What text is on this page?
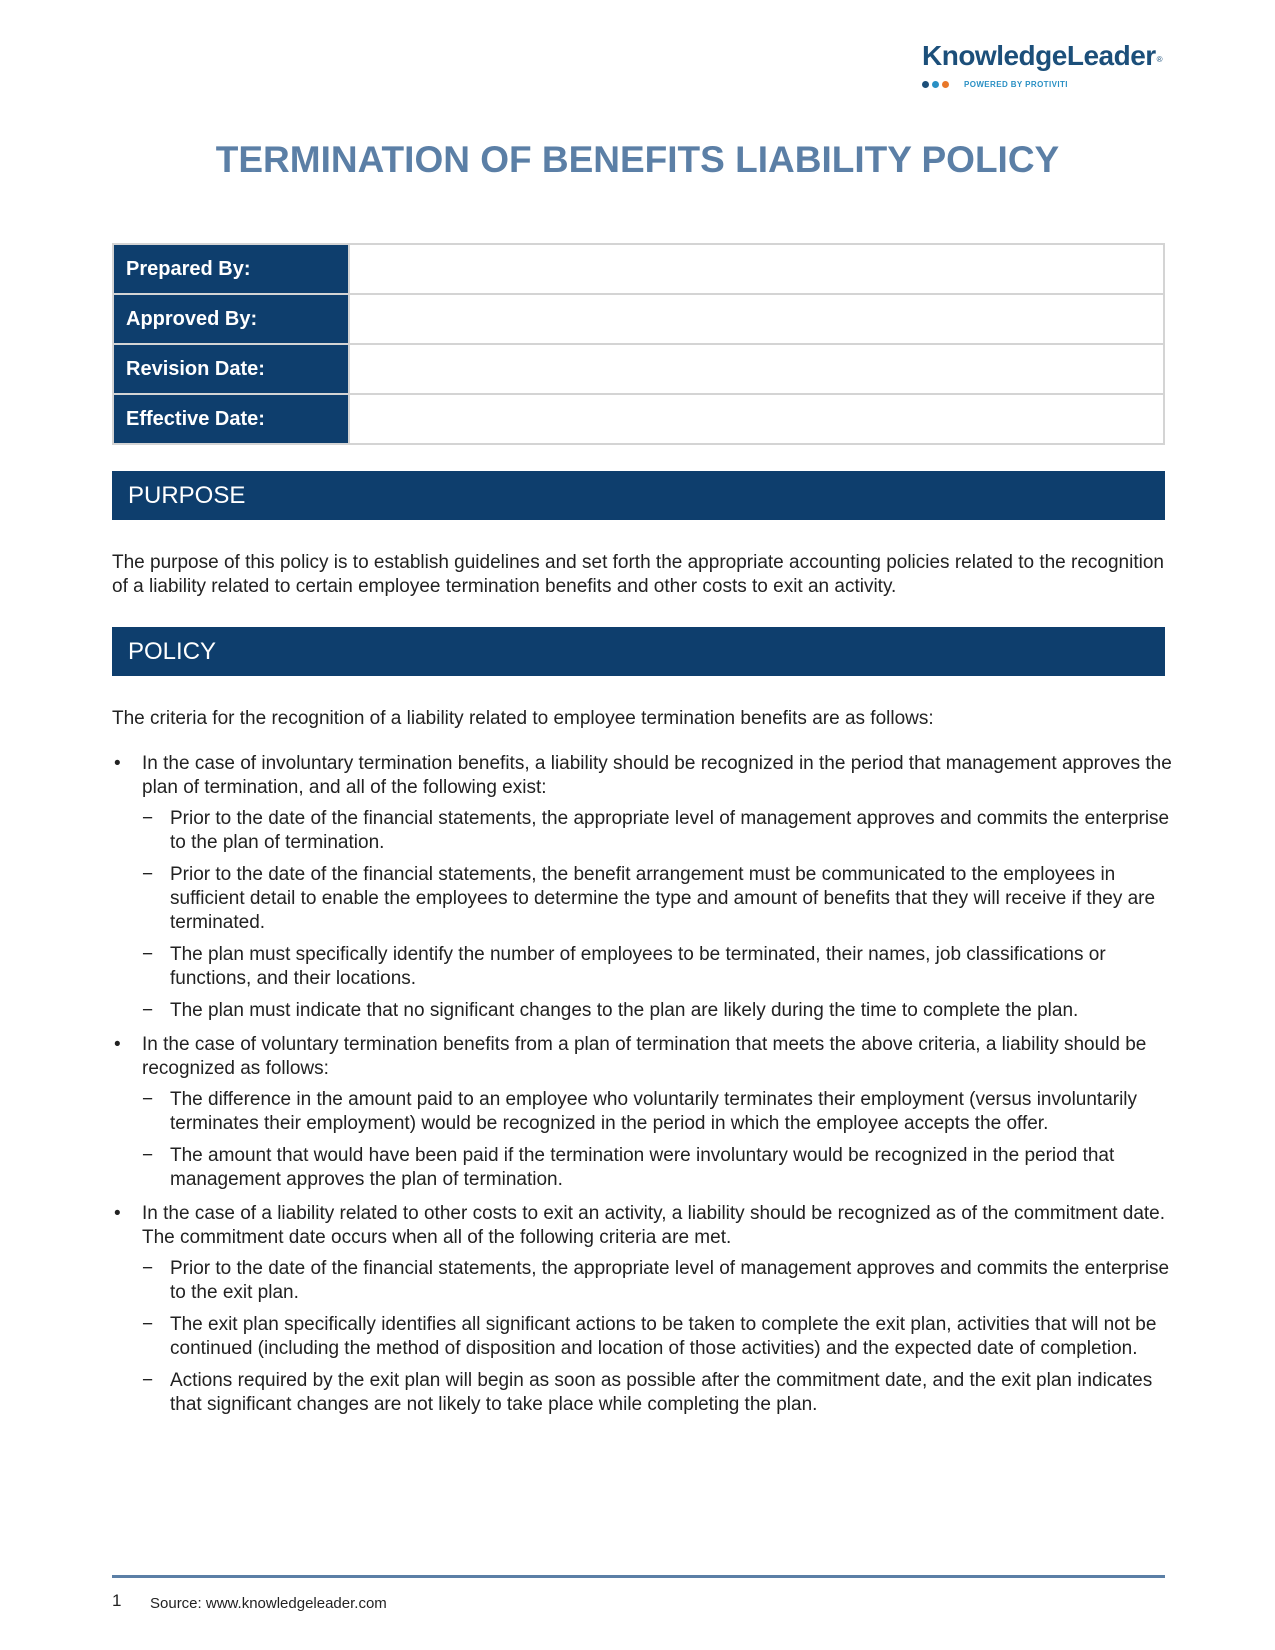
KnowledgeLeader®
POWERED BY PROTIVITI
TERMINATION OF BENEFITS LIABILITY POLICY
Prepared By:	
Approved By:	
Revision Date:	
Effective Date:	
PURPOSE

The purpose of this policy is to establish guidelines and set forth the appropriate accounting policies related to the recognition of a liability related to certain employee termination benefits and other costs to exit an activity.

POLICY

The criteria for the recognition of a liability related to employee termination benefits are as follows:

• In the case of involuntary termination benefits, a liability should be recognized in the period that management approves the plan of termination, and all of the following exist:
− Prior to the date of the financial statements, the appropriate level of management approves and commits the enterprise to the plan of termination.
− Prior to the date of the financial statements, the benefit arrangement must be communicated to the employees in sufficient detail to enable the employees to determine the type and amount of benefits that they will receive if they are terminated.
− The plan must specifically identify the number of employees to be terminated, their names, job classifications or functions, and their locations.
− The plan must indicate that no significant changes to the plan are likely during the time to complete the plan.
• In the case of voluntary termination benefits from a plan of termination that meets the above criteria, a liability should be recognized as follows:
− The difference in the amount paid to an employee who voluntarily terminates their employment (versus involuntarily terminates their employment) would be recognized in the period in which the employee accepts the offer.
− The amount that would have been paid if the termination were involuntary would be recognized in the period that management approves the plan of termination.
• In the case of a liability related to other costs to exit an activity, a liability should be recognized as of the commitment date. The commitment date occurs when all of the following criteria are met.
− Prior to the date of the financial statements, the appropriate level of management approves and commits the enterprise to the exit plan.
− The exit plan specifically identifies all significant actions to be taken to complete the exit plan, activities that will not be continued (including the method of disposition and location of those activities) and the expected date of completion.
− Actions required by the exit plan will begin as soon as possible after the commitment date, and the exit plan indicates that significant changes are not likely to take place while completing the plan.
1 Source: www.knowledgeleader.com
